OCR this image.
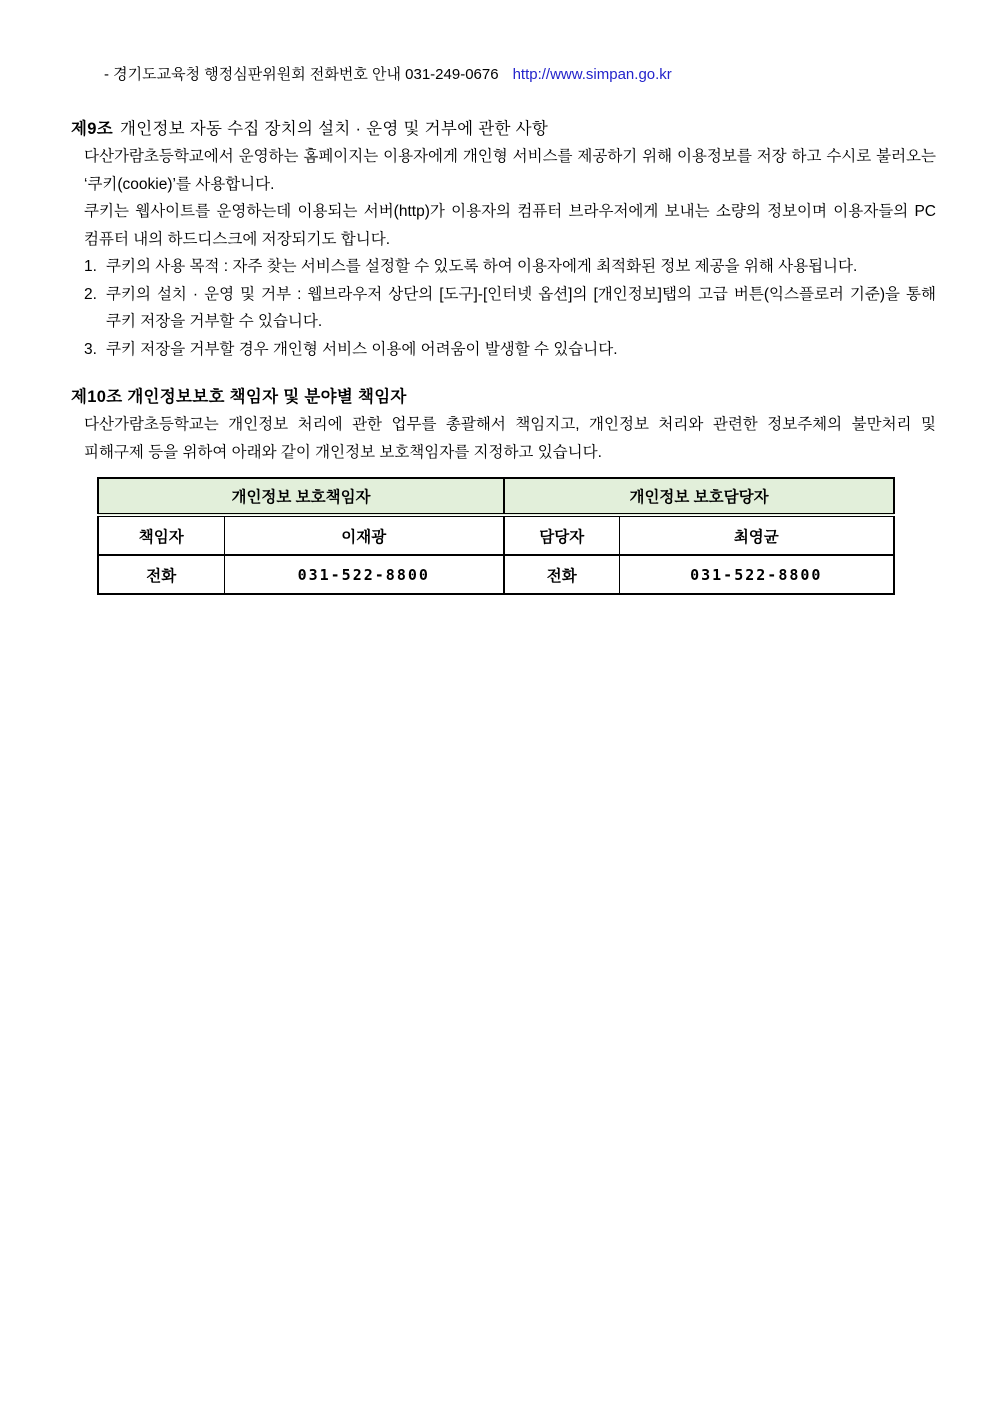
- 경기도교육청 행정심판위원회 전화번호 안내 031-249-0676 http://www.simpan.go.kr
제9조 개인정보 자동 수집 장치의 설치 · 운영 및 거부에 관한 사항
다산가람초등학교에서 운영하는 홈페이지는 이용자에게 개인형 서비스를 제공하기 위해 이용정보를 저장 하고 수시로 불러오는 ‘쿠키(cookie)’를 사용합니다.
쿠키는 웹사이트를 운영하는데 이용되는 서버(http)가 이용자의 컴퓨터 브라우저에게 보내는 소량의 정보이며 이용자들의 PC 컴퓨터 내의 하드디스크에 저장되기도 합니다.
1. 쿠키의 사용 목적 : 자주 찾는 서비스를 설정할 수 있도록 하여 이용자에게 최적화된 정보 제공을 위해 사용됩니다.
2. 쿠키의 설치 · 운영 및 거부 : 웹브라우저 상단의 [도구]-[인터넷 옵션]의 [개인정보]탭의 고급 버튼(익스플로러 기준)을 통해 쿠키 저장을 거부할 수 있습니다.
3. 쿠키 저장을 거부할 경우 개인형 서비스 이용에 어려움이 발생할 수 있습니다.
제10조 개인정보보호 책임자 및 분야별 책임자
다산가람초등학교는 개인정보 처리에 관한 업무를 총괄해서 책임지고, 개인정보 처리와 관련한 정보주체의 불만처리 및 피해구제 등을 위하여 아래와 같이 개인정보 보호책임자를 지정하고 있습니다.
개인정보 보호책임자		개인정보 보호담당자	
책임자	이재광	담당자	최영균
전화	031-522-8800	전화	031-522-8800
